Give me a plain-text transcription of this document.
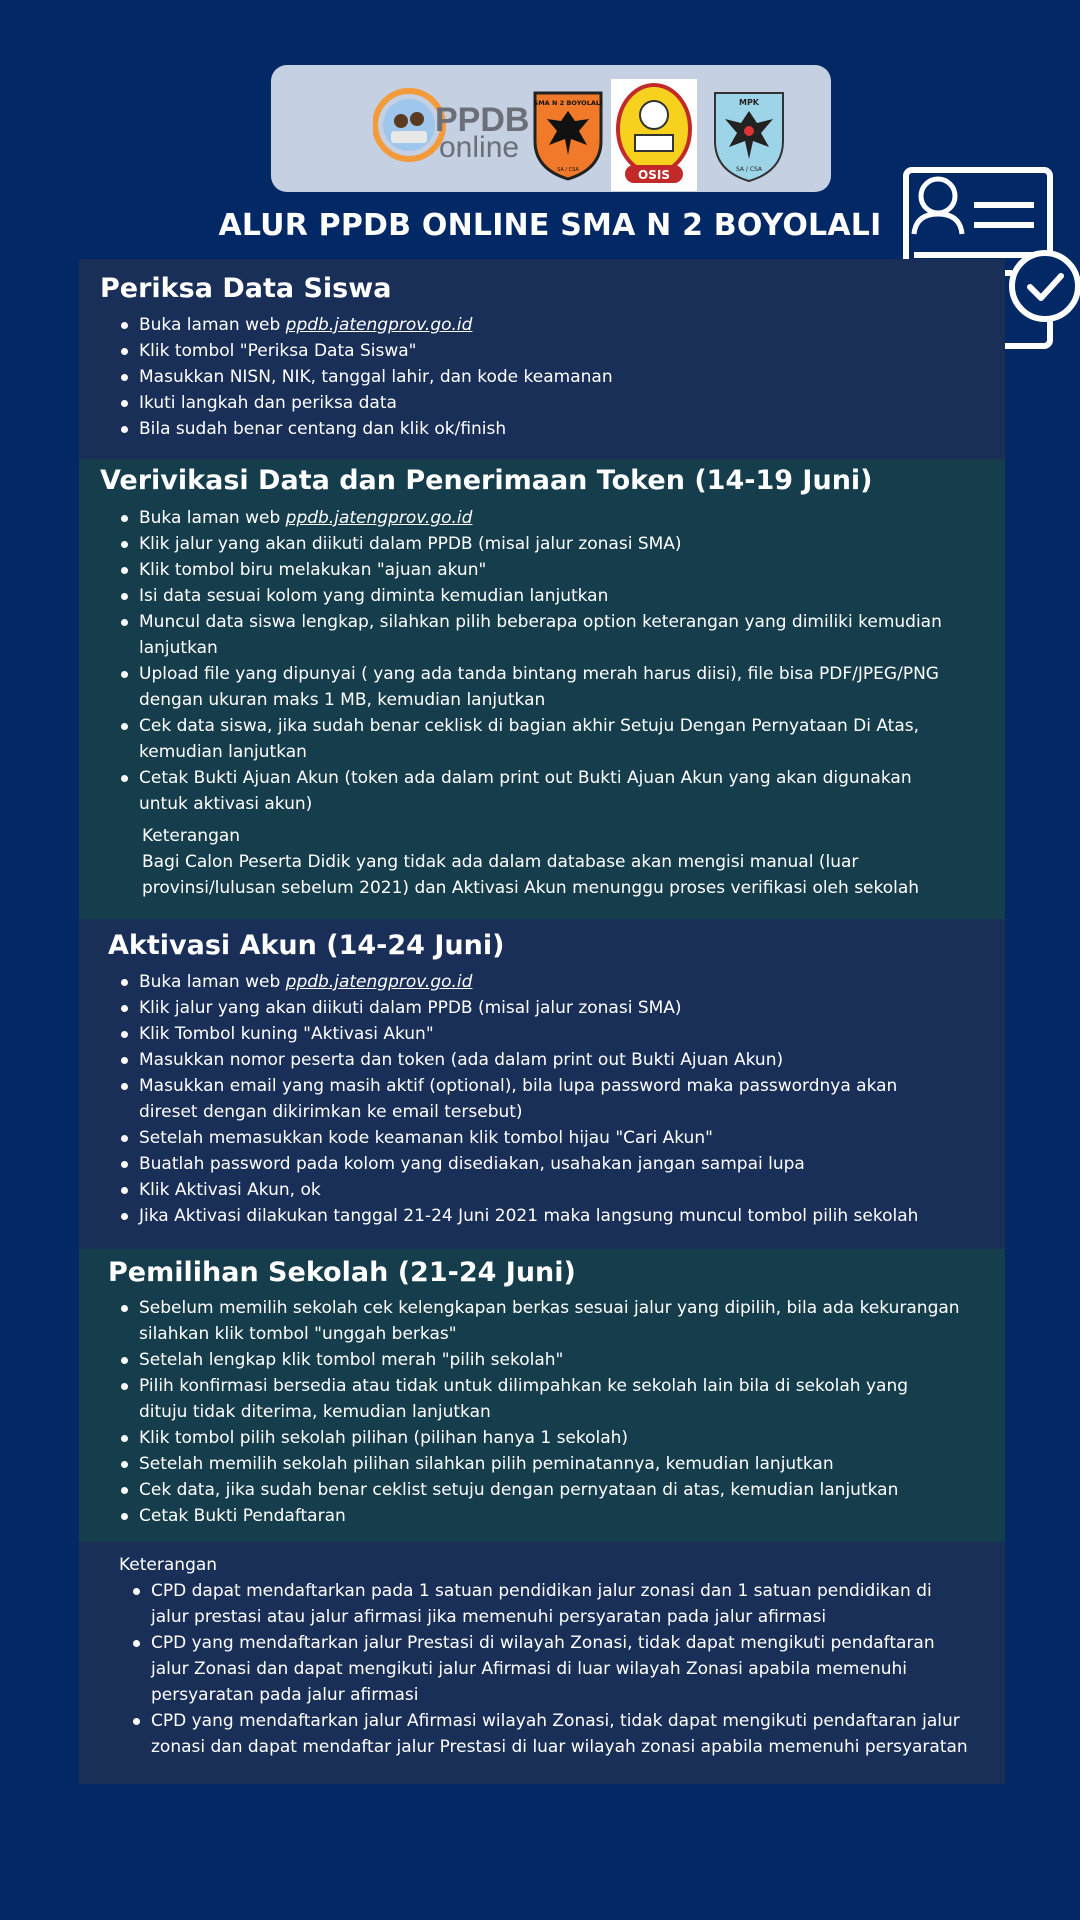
PPDB
online
SMA N 2 BOYOLALI
SA / CSA	OSIS
MPK
SA / CSA
ALUR PPDB ONLINE SMA N 2 BOYOLALI
Periksa Data Siswa
Buka laman web ppdb.jatengprov.go.id
Klik tombol "Periksa Data Siswa"
Masukkan NISN, NIK, tanggal lahir, dan kode keamanan
Ikuti langkah dan periksa data
Bila sudah benar centang dan klik ok/finish
Verivikasi Data dan Penerimaan Token (14-19 Juni)
Buka laman web ppdb.jatengprov.go.id
Klik jalur yang akan diikuti dalam PPDB (misal jalur zonasi SMA)
Klik tombol biru melakukan "ajuan akun"
Isi data sesuai kolom yang diminta kemudian lanjutkan
Muncul data siswa lengkap, silahkan pilih beberapa option keterangan yang dimiliki kemudian
lanjutkan
Upload file yang dipunyai ( yang ada tanda bintang merah harus diisi), file bisa PDF/JPEG/PNG
dengan ukuran maks 1 MB, kemudian lanjutkan
Cek data siswa, jika sudah benar ceklisk di bagian akhir Setuju Dengan Pernyataan Di Atas,
kemudian lanjutkan
Cetak Bukti Ajuan Akun (token ada dalam print out Bukti Ajuan Akun yang akan digunakan
untuk aktivasi akun)
Keterangan
Bagi Calon Peserta Didik yang tidak ada dalam database akan mengisi manual (luar
provinsi/lulusan sebelum 2021) dan Aktivasi Akun menunggu proses verifikasi oleh sekolah
Aktivasi Akun (14-24 Juni)
Buka laman web ppdb.jatengprov.go.id
Klik jalur yang akan diikuti dalam PPDB (misal jalur zonasi SMA)
Klik Tombol kuning "Aktivasi Akun"
Masukkan nomor peserta dan token (ada dalam print out Bukti Ajuan Akun)
Masukkan email yang masih aktif (optional), bila lupa password maka passwordnya akan
direset dengan dikirimkan ke email tersebut)
Setelah memasukkan kode keamanan klik tombol hijau "Cari Akun"
Buatlah password pada kolom yang disediakan, usahakan jangan sampai lupa
Klik Aktivasi Akun, ok
Jika Aktivasi dilakukan tanggal 21-24 Juni 2021 maka langsung muncul tombol pilih sekolah
Pemilihan Sekolah (21-24 Juni)
Sebelum memilih sekolah cek kelengkapan berkas sesuai jalur yang dipilih, bila ada kekurangan
silahkan klik tombol "unggah berkas"
Setelah lengkap klik tombol merah "pilih sekolah"
Pilih konfirmasi bersedia atau tidak untuk dilimpahkan ke sekolah lain bila di sekolah yang
dituju tidak diterima, kemudian lanjutkan
Klik tombol pilih sekolah pilihan (pilihan hanya 1 sekolah)
Setelah memilih sekolah pilihan silahkan pilih peminatannya, kemudian lanjutkan
Cek data, jika sudah benar ceklist setuju dengan pernyataan di atas, kemudian lanjutkan
Cetak Bukti Pendaftaran
Keterangan
CPD dapat mendaftarkan pada 1 satuan pendidikan jalur zonasi dan 1 satuan pendidikan di
jalur prestasi atau jalur afirmasi jika memenuhi persyaratan pada jalur afirmasi
CPD yang mendaftarkan jalur Prestasi di wilayah Zonasi, tidak dapat mengikuti pendaftaran
jalur Zonasi dan dapat mengikuti jalur Afirmasi di luar wilayah Zonasi apabila memenuhi
persyaratan pada jalur afirmasi
CPD yang mendaftarkan jalur Afirmasi wilayah Zonasi, tidak dapat mengikuti pendaftaran jalur
zonasi dan dapat mendaftar jalur Prestasi di luar wilayah zonasi apabila memenuhi persyaratan
